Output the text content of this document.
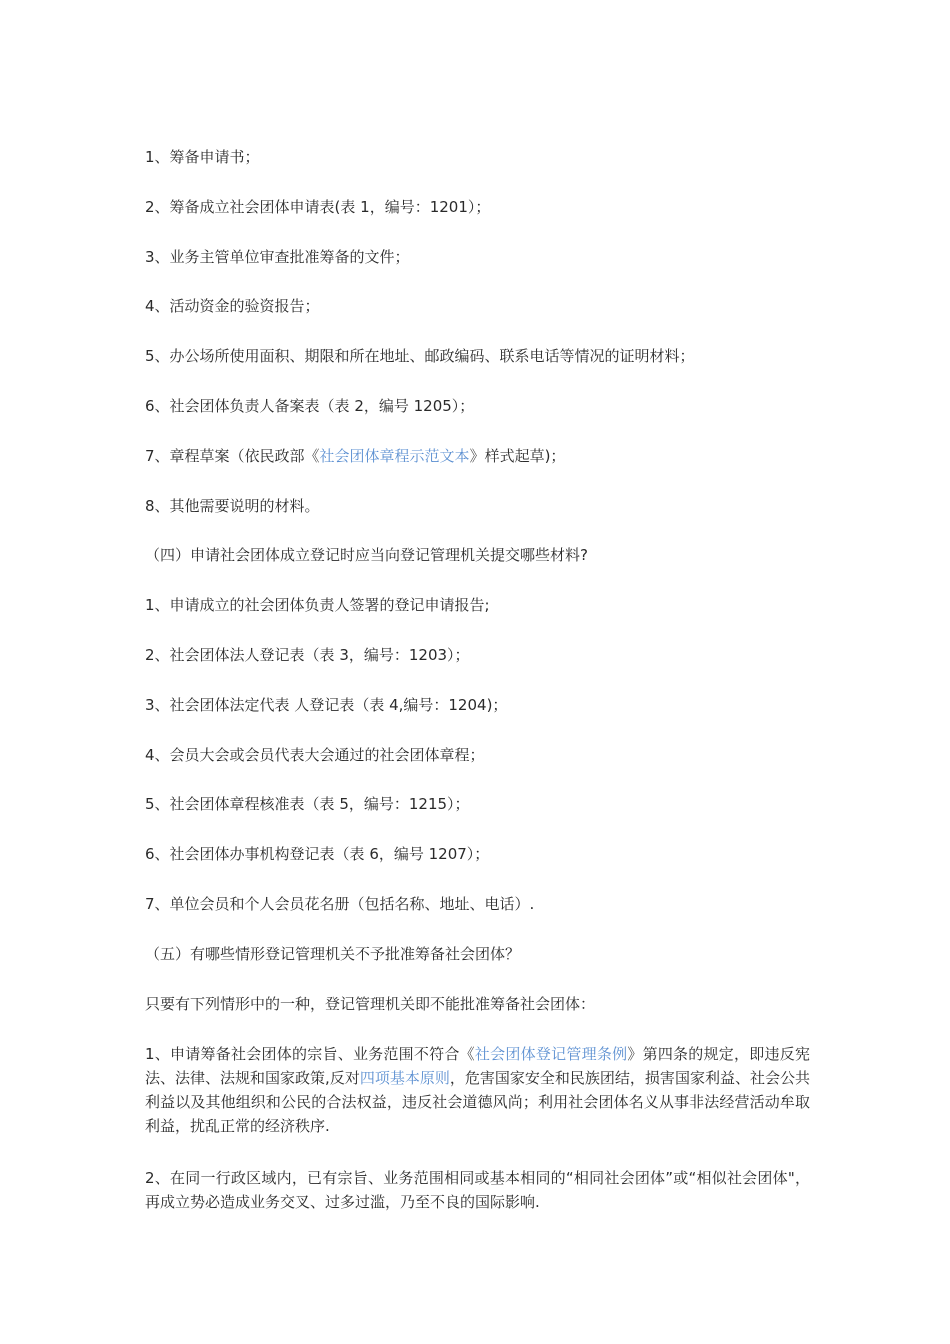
1、筹备申请书；
2、筹备成立社会团体申请表(表 1，编号：1201）；
3、业务主管单位审查批准筹备的文件；
4、活动资金的验资报告；
5、办公场所使用面积、期限和所在地址、邮政编码、联系电话等情况的证明材料；
6、社会团体负责人备案表（表 2，编号 1205）；
7、章程草案（依民政部《社会团体章程示范文本》样式起草)；
8、其他需要说明的材料。
（四）申请社会团体成立登记时应当向登记管理机关提交哪些材料?
1、申请成立的社会团体负责人签署的登记申请报告;
2、社会团体法人登记表（表 3，编号：1203）；
3、社会团体法定代表 人登记表（表 4,编号：1204)；
4、会员大会或会员代表大会通过的社会团体章程；
5、社会团体章程核准表（表 5，编号：1215）；
6、社会团体办事机构登记表（表 6，编号 1207）；
7、单位会员和个人会员花名册（包括名称、地址、电话）.
（五）有哪些情形登记管理机关不予批准筹备社会团体？
只要有下列情形中的一种，登记管理机关即不能批准筹备社会团体：
1、申请筹备社会团体的宗旨、业务范围不符合《社会团体登记管理条例》第四条的规定，即违反宪法、法律、法规和国家政策,反对四项基本原则，危害国家安全和民族团结，损害国家利益、社会公共利益以及其他组织和公民的合法权益，违反社会道德风尚；利用社会团体名义从事非法经营活动牟取利益，扰乱正常的经济秩序.
2、在同一行政区域内，已有宗旨、业务范围相同或基本相同的“相同社会团体”或“相似社会团体"，再成立势必造成业务交叉、过多过滥，乃至不良的国际影响.
